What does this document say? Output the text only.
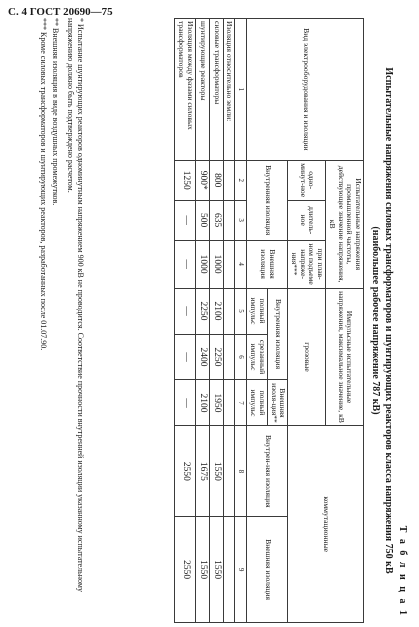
С. 4 ГОСТ 20690—75
Т а б л и ц а 1
Испытательные напряжения силовых трансформаторов и шунтирующих реакторов класса напряжения 750 кВ
(наибольшее рабочее напряжение 787 кВ)
Вид электрооборудования и изоляции	Испытательные напряжения промышленной частоты, действующее значение напряжения, кВ			Импульсные испытательные напряжения, максимальное значение, кВ			коммутационные	
	одно-минут-ное	длитель-ное	при плав-ном подъеме напряже-ния***	грозовые				
	Внутренняя изоляция		Внешняя изоляция	Внутренняя изоляция		Внешняя изоля-ция**	Внутрен-няя изоляция	Внешняя изоляция
				полный импульс	срезанный импульс	полный импульс		
1	2	3	4	5	6	7	8	9
Изоляция относительно земли:								
силовые трансформаторы	800	635	1000	2100	2250	1950	1550	1550
шунтирующие реакторы	900*	500	1000	2250	2400	2100	1675	1550
Изоляция между фазами силовых трансформаторов	1250	—	—	—	—	—	2550	2550
* Испытание шунтирующих реакторов одноминутным напряжением 900 кВ не проводится. Соответствие прочности внутренней изоляции указанному испытательному напряжению должно быть подтверждено расчетом.
** Внешняя изоляция в виде воздушных промежутков.
*** Кроме силовых трансформаторов и шунтирующих реакторов, разработанных после 01.07.90.
